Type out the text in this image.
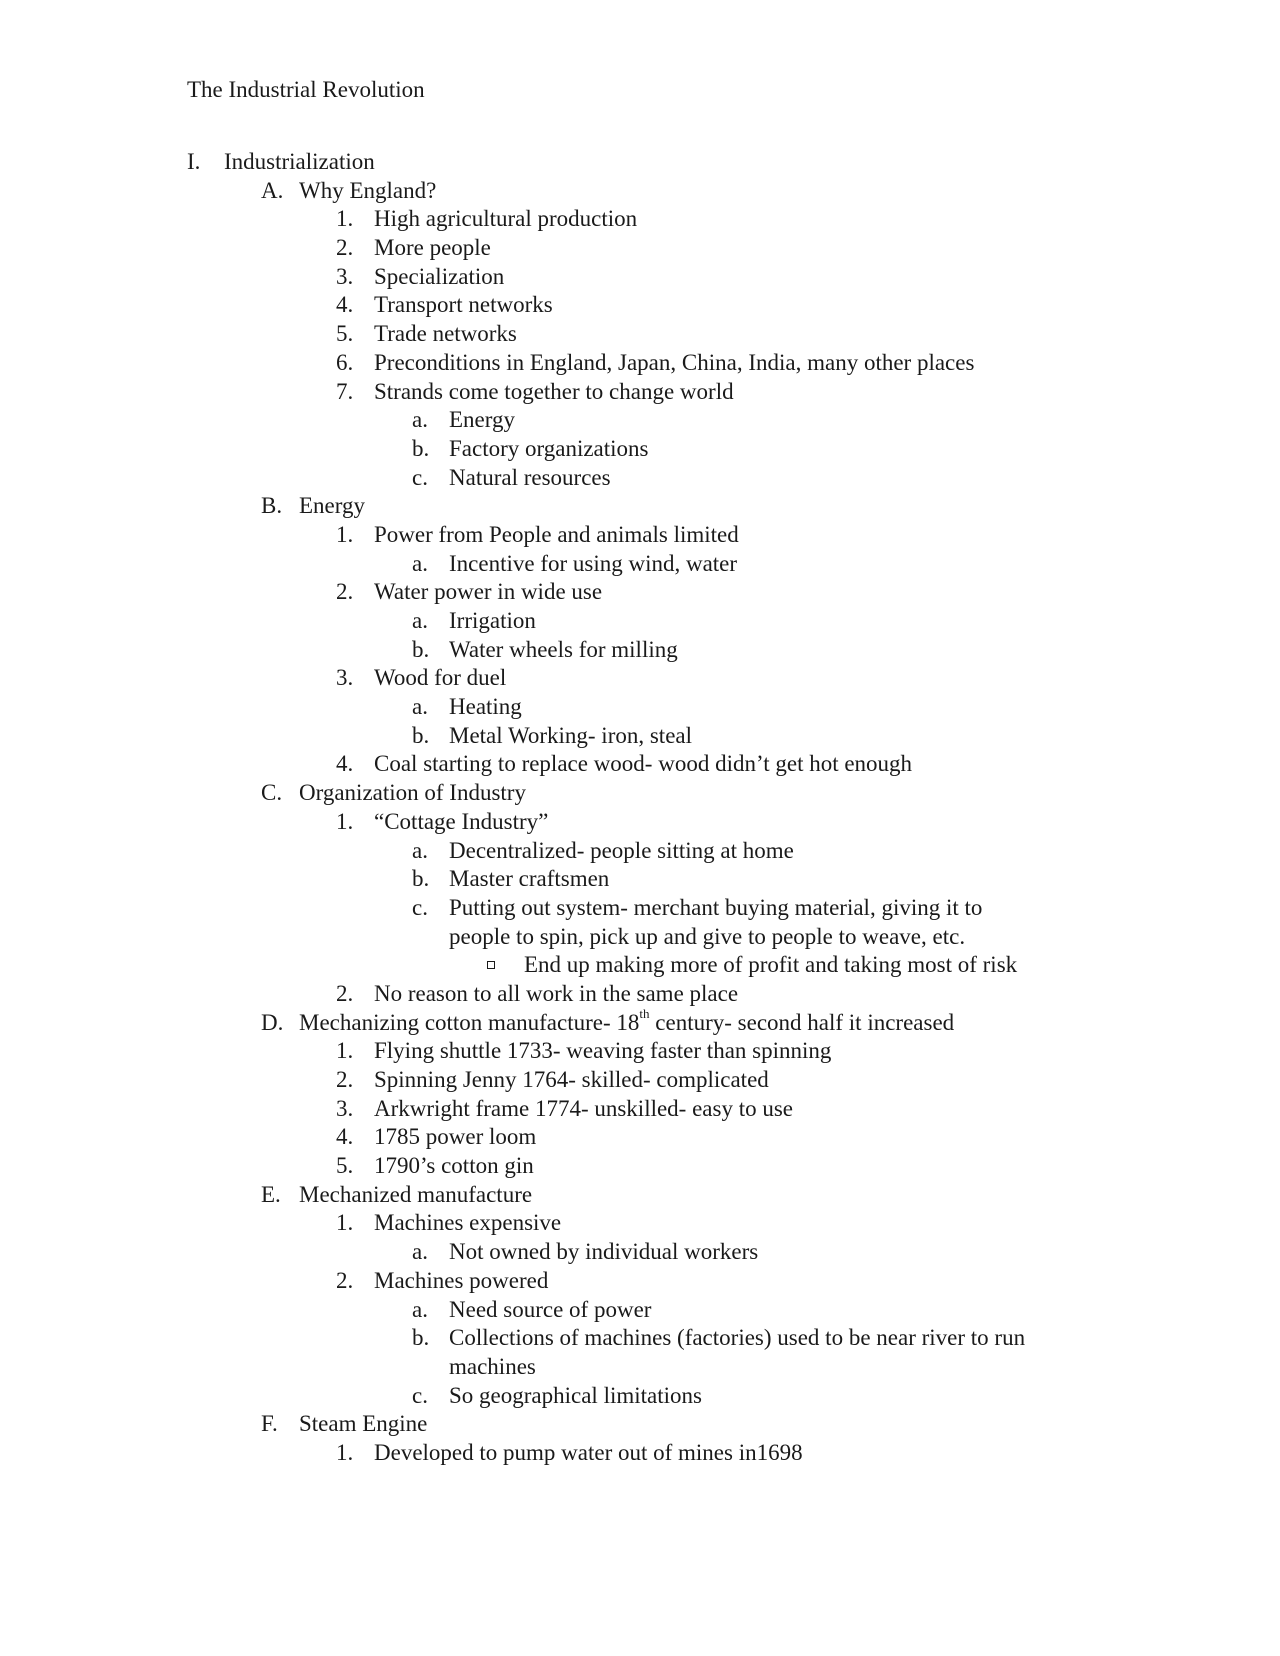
The Industrial Revolution
I. Industrialization
A. Why England?
1. High agricultural production
2. More people
3. Specialization
4. Transport networks
5. Trade networks
6. Preconditions in England, Japan, China, India, many other places
7. Strands come together to change world
a. Energy
b. Factory organizations
c. Natural resources
B. Energy
1. Power from People and animals limited
a. Incentive for using wind, water
2. Water power in wide use
a. Irrigation
b. Water wheels for milling
3. Wood for duel
a. Heating
b. Metal Working- iron, steal
4. Coal starting to replace wood- wood didn’t get hot enough
C. Organization of Industry
1. “Cottage Industry”
a. Decentralized- people sitting at home
b. Master craftsmen
c. Putting out system- merchant buying material, giving it to
people to spin, pick up and give to people to weave, etc.
End up making more of profit and taking most of risk
2. No reason to all work in the same place
D. Mechanizing cotton manufacture- 18th century- second half it increased
1. Flying shuttle 1733- weaving faster than spinning
2. Spinning Jenny 1764- skilled- complicated
3. Arkwright frame 1774- unskilled- easy to use
4. 1785 power loom
5. 1790’s cotton gin
E. Mechanized manufacture
1. Machines expensive
a. Not owned by individual workers
2. Machines powered
a. Need source of power
b. Collections of machines (factories) used to be near river to run
machines
c. So geographical limitations
F. Steam Engine
1. Developed to pump water out of mines in1698
